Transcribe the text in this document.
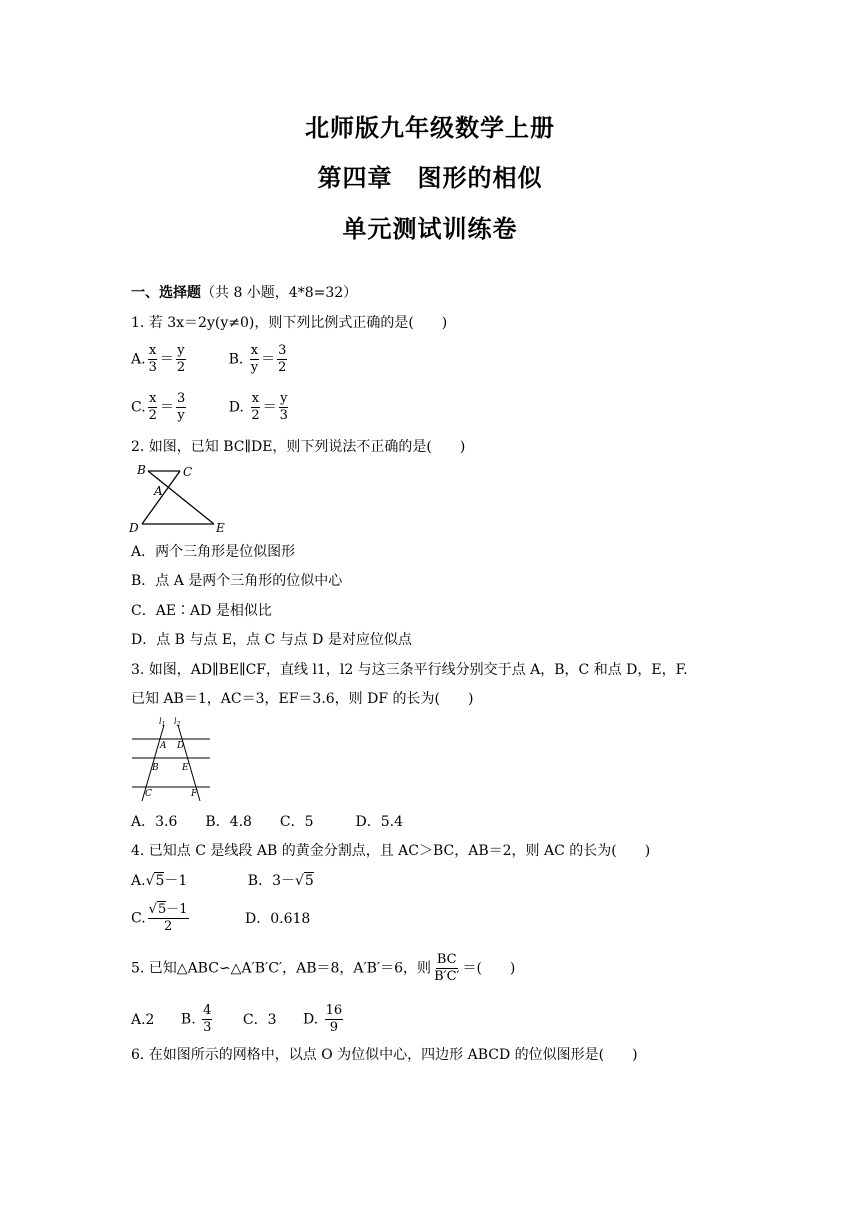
北师版九年级数学上册
第四章　图形的相似
单元测试训练卷
一、选择题（共 8 小题，4*8=32）
1. 若 3x＝2y(y≠0)，则下列比例式正确的是(　　)
A. $\frac{x}{3} = \frac{y}{2}$	B. $\frac{x}{y} = \frac{3}{2}$
C. $\frac{x}{2} = \frac{3}{y}$	D. $\frac{x}{2} = \frac{y}{3}$
2. 如图，已知 BC∥DE，则下列说法不正确的是(　　)
B	C
A
D	E
A．两个三角形是位似图形
B．点 A 是两个三角形的位似中心
C．AE∶AD 是相似比
D．点 B 与点 E，点 C 与点 D 是对应位似点
3. 如图，AD∥BE∥CF，直线 l1，l2 与这三条平行线分别交于点 A，B，C 和点 D，E，F.
已知 AB＝1，AC＝3，EF＝3.6，则 DF 的长为(　　)
$l_1$ $l_2$
A D
B	E
C	F
A．3.6　　B．4.8　　C．5　　　D．5.4
4. 已知点 C 是线段 AB 的黄金分割点，且 AC＞BC，AB＝2，则 AC 的长为(　　)
A.√5－1	B．3－√5
C. $\frac{√5-1}{2}$	D．0.618
5. 已知△ABC∽△A′B′C′，AB＝8，A′B′＝6，则 $\frac{BC}{B'C'}$ ＝(　　)
A.2 B. $\frac{4}{3}$ C．3 D. $\frac{16}{9}$
6. 在如图所示的网格中，以点 O 为位似中心，四边形 ABCD 的位似图形是(　　)
